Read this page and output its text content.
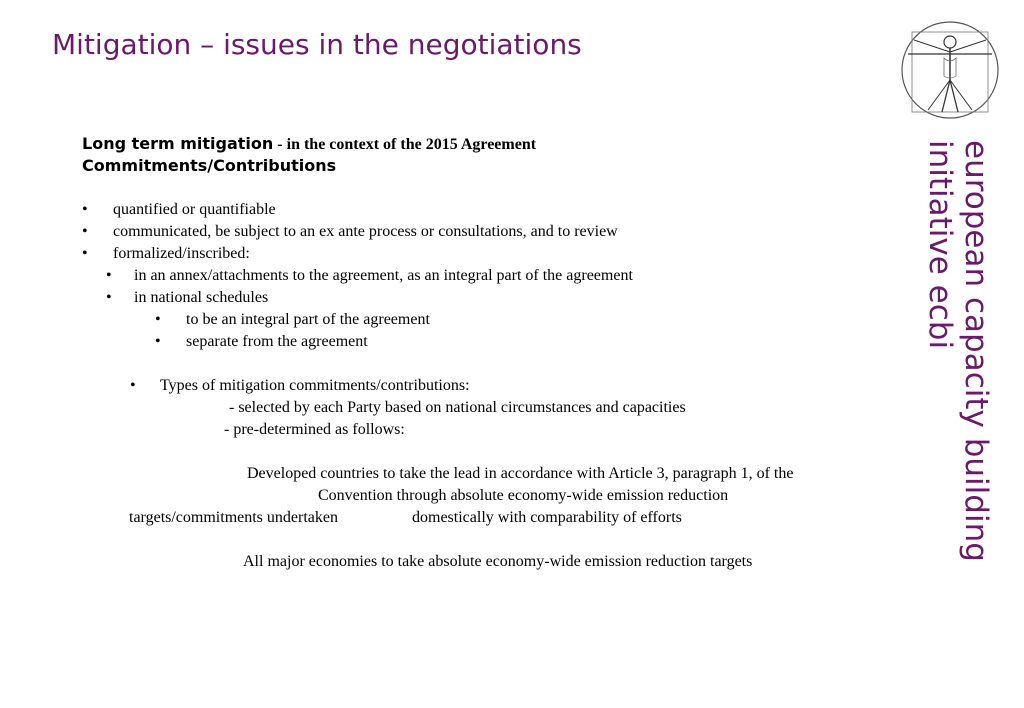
Mitigation – issues in the negotiations
european capacity building
initiative ecbi
Long term mitigation - in the context of the 2015 Agreement
Commitments/Contributions
• quantified or quantifiable
• communicated, be subject to an ex ante process or consultations, and to review
• formalized/inscribed:
• in an annex/attachments to the agreement, as an integral part of the agreement
• in national schedules
• to be an integral part of the agreement
• separate from the agreement
• Types of mitigation commitments/contributions:
- selected by each Party based on national circumstances and capacities
- pre-determined as follows:
Developed countries to take the lead in accordance with Article 3, paragraph 1, of the
Convention through absolute economy-wide emission reduction
targets/commitments undertaken	domestically with comparability of efforts
All major economies to take absolute economy-wide emission reduction targets
